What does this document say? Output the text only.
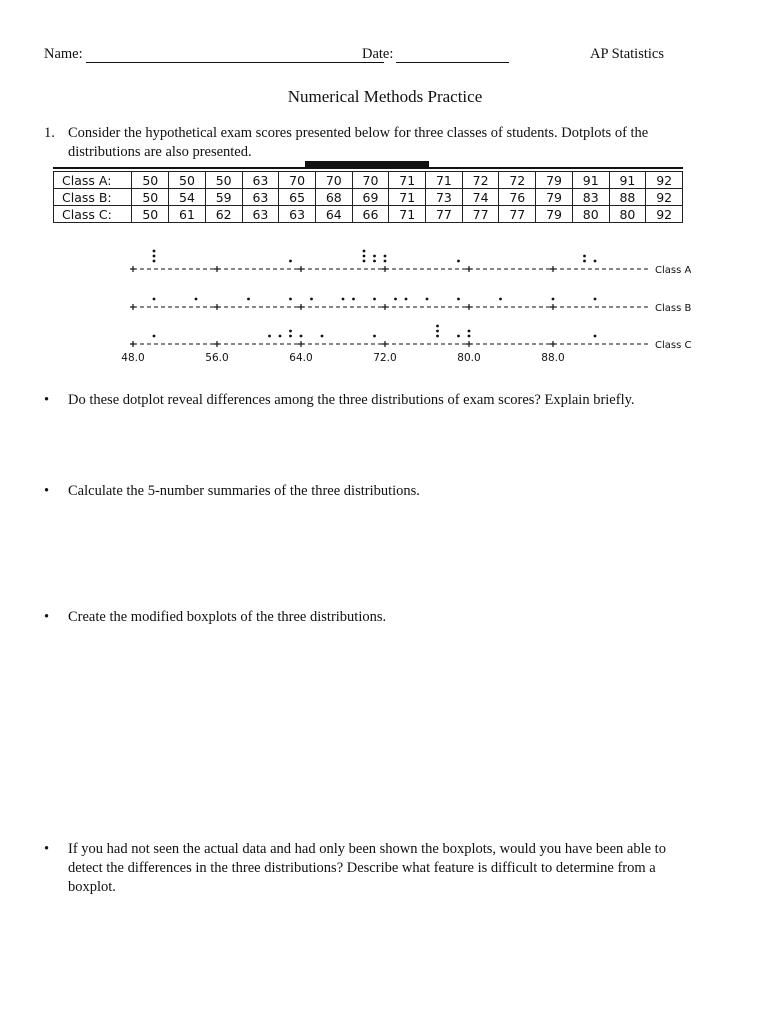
Name:	Date:	AP Statistics
Numerical Methods Practice
1. Consider the hypothetical exam scores presented below for three classes of students. Dotplots of the distributions are also presented.
Class A:	50	50	50	63	70	70	70	71	71	72	72	79	91	91	92
Class B:	50	54	59	63	65	68	69	71	73	74	76	79	83	88	92
Class C:	50	61	62	63	63	64	66	71	77	77	77	79	80	80	92
Class A
Class B
Class C
48.0	56.0	64.0	72.0	80.0	88.0
• Do these dotplot reveal differences among the three distributions of exam scores? Explain briefly.
• Calculate the 5-number summaries of the three distributions.
• Create the modified boxplots of the three distributions.
• If you had not seen the actual data and had only been shown the boxplots, would you have been able to detect the differences in the three distributions? Describe what feature is difficult to determine from a boxplot.
